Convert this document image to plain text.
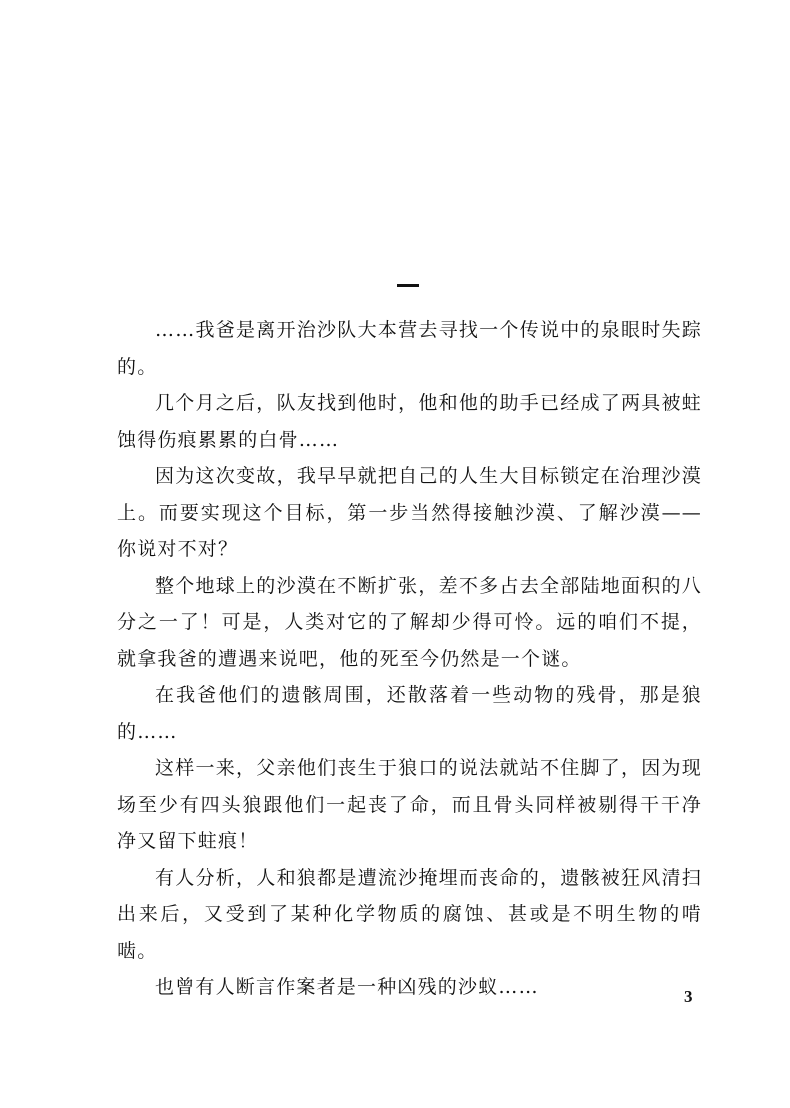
……我爸是离开治沙队大本营去寻找一个传说中的泉眼时失踪的。

几个月之后，队友找到他时，他和他的助手已经成了两具被蛀蚀得伤痕累累的白骨……

因为这次变故，我早早就把自己的人生大目标锁定在治理沙漠上。而要实现这个目标，第一步当然得接触沙漠、了解沙漠——你说对不对？

整个地球上的沙漠在不断扩张，差不多占去全部陆地面积的八分之一了！可是，人类对它的了解却少得可怜。远的咱们不提，就拿我爸的遭遇来说吧，他的死至今仍然是一个谜。

在我爸他们的遗骸周围，还散落着一些动物的残骨，那是狼的……

这样一来，父亲他们丧生于狼口的说法就站不住脚了，因为现场至少有四头狼跟他们一起丧了命，而且骨头同样被剔得干干净净又留下蛀痕！

有人分析，人和狼都是遭流沙掩埋而丧命的，遗骸被狂风清扫出来后，又受到了某种化学物质的腐蚀、甚或是不明生物的啃啮。

也曾有人断言作案者是一种凶残的沙蚁……	3
